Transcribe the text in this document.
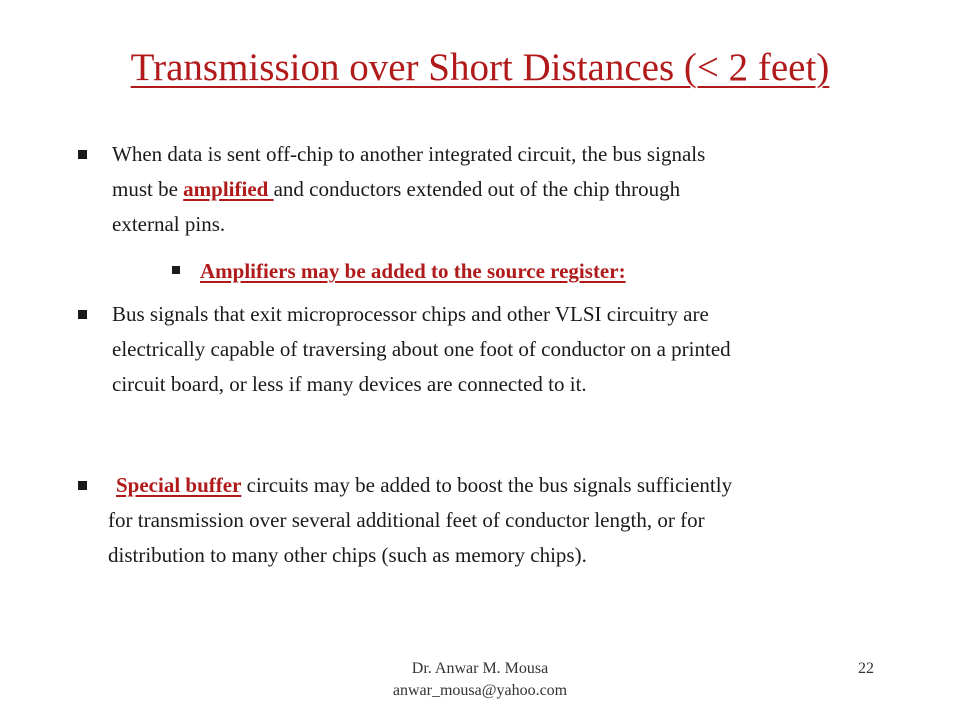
Transmission over Short Distances (< 2 feet)
When data is sent off-chip to another integrated circuit, the bus signals
must be amplified and conductors extended out of the chip through
external pins.
Amplifiers may be added to the source register:
Bus signals that exit microprocessor chips and other VLSI circuitry are
electrically capable of traversing about one foot of conductor on a printed
circuit board, or less if many devices are connected to it.
Special buffer circuits may be added to boost the bus signals sufficiently
for transmission over several additional feet of conductor length, or for
distribution to many other chips (such as memory chips).
Dr. Anwar M. Mousa
anwar_mousa@yahoo.com
22
